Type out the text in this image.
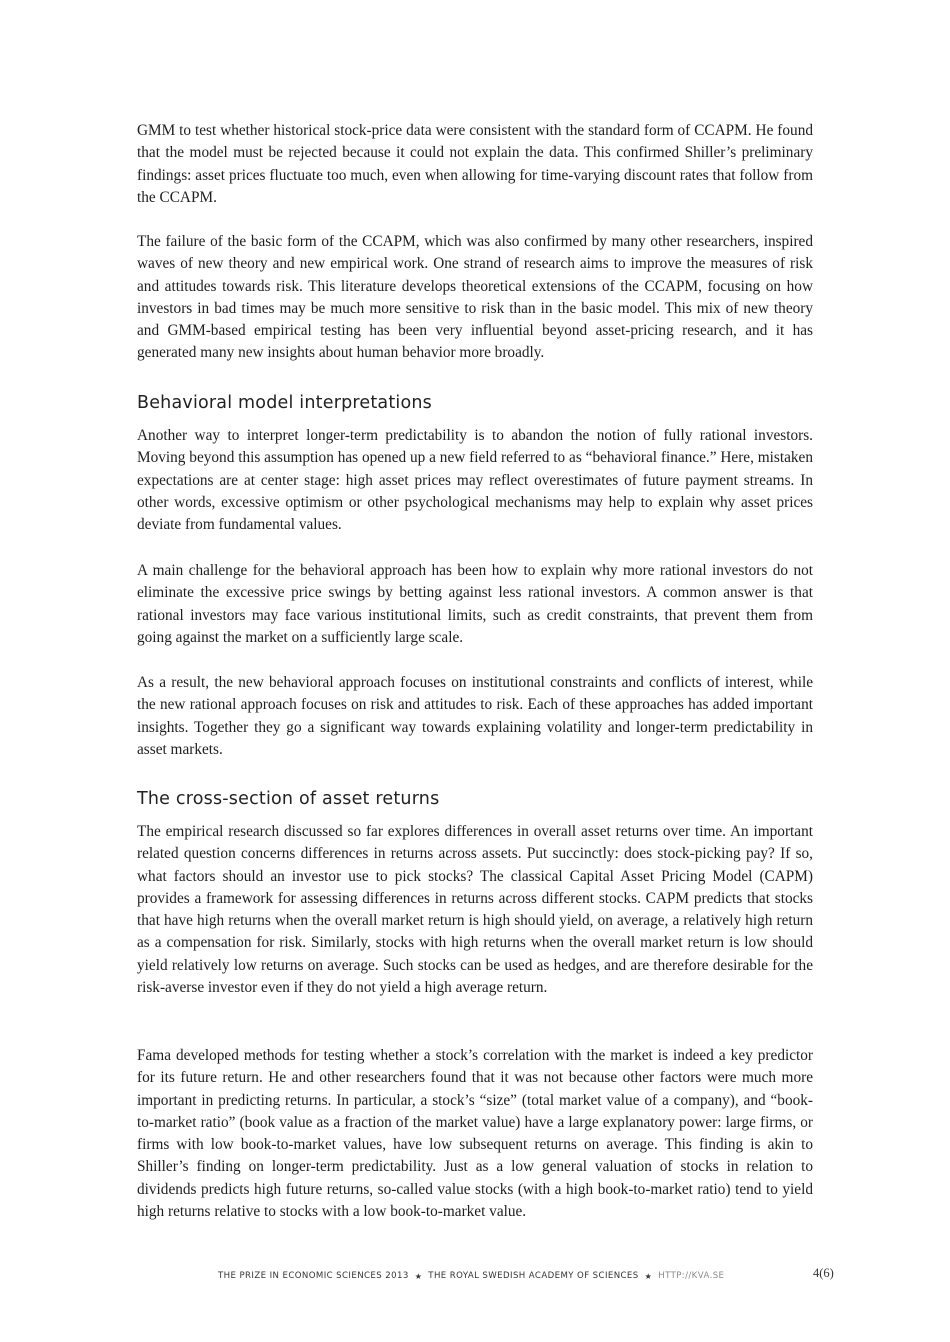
GMM to test whether historical stock-price data were consistent with the standard form of CCAPM. He found that the model must be rejected because it could not explain the data. This confirmed Shiller’s preliminary findings: asset prices fluctuate too much, even when allowing for time-varying discount rates that follow from the CCAPM.

The failure of the basic form of the CCAPM, which was also confirmed by many other researchers, inspired waves of new theory and new empirical work. One strand of research aims to improve the measures of risk and attitudes towards risk. This literature develops theoretical extensions of the CCAPM, focusing on how investors in bad times may be much more sensitive to risk than in the basic model. This mix of new theory and GMM-based empirical testing has been very influential beyond asset-pricing research, and it has generated many new insights about human behavior more broadly.

Behavioral model interpretations

Another way to interpret longer-term predictability is to abandon the notion of fully rational investors. Moving beyond this assumption has opened up a new field referred to as “behavioral finance.” Here, mistaken expectations are at center stage: high asset prices may reflect overestimates of future payment streams. In other words, excessive optimism or other psychological mechanisms may help to explain why asset prices deviate from fundamental values.

A main challenge for the behavioral approach has been how to explain why more rational investors do not eliminate the excessive price swings by betting against less rational investors. A common answer is that rational investors may face various institutional limits, such as credit constraints, that prevent them from going against the market on a sufficiently large scale.

As a result, the new behavioral approach focuses on institutional constraints and conflicts of interest, while the new rational approach focuses on risk and attitudes to risk. Each of these approaches has added important insights. Together they go a significant way towards explaining volatility and longer-term predictability in asset markets.

The cross-section of asset returns

The empirical research discussed so far explores differences in overall asset returns over time. An important related question concerns differences in returns across assets. Put succinctly: does stock-picking pay? If so, what factors should an investor use to pick stocks? The classical Capital Asset Pricing Model (CAPM) provides a framework for assessing differences in returns across different stocks. CAPM predicts that stocks that have high returns when the overall market return is high should yield, on average, a relatively high return as a compensation for risk. Similarly, stocks with high returns when the overall market return is low should yield relatively low returns on average. Such stocks can be used as hedges, and are therefore desirable for the risk-averse investor even if they do not yield a high average return.

Fama developed methods for testing whether a stock’s correlation with the market is indeed a key predictor for its future return. He and other researchers found that it was not because other factors were much more important in predicting returns. In particular, a stock’s “size” (total market value of a company), and “book-to-market ratio” (book value as a fraction of the market value) have a large explanatory power: large firms, or firms with low book-to-market values, have low subsequent returns on average. This finding is akin to Shiller’s finding on longer-term predictability. Just as a low general valuation of stocks in relation to dividends predicts high future returns, so-called value stocks (with a high book-to-market ratio) tend to yield high returns relative to stocks with a low book-to-market value.

THE PRIZE IN ECONOMIC SCIENCES 2013 ★ THE ROYAL SWEDISH ACADEMY OF SCIENCES ★ HTTP://KVA.SE	4(6)
